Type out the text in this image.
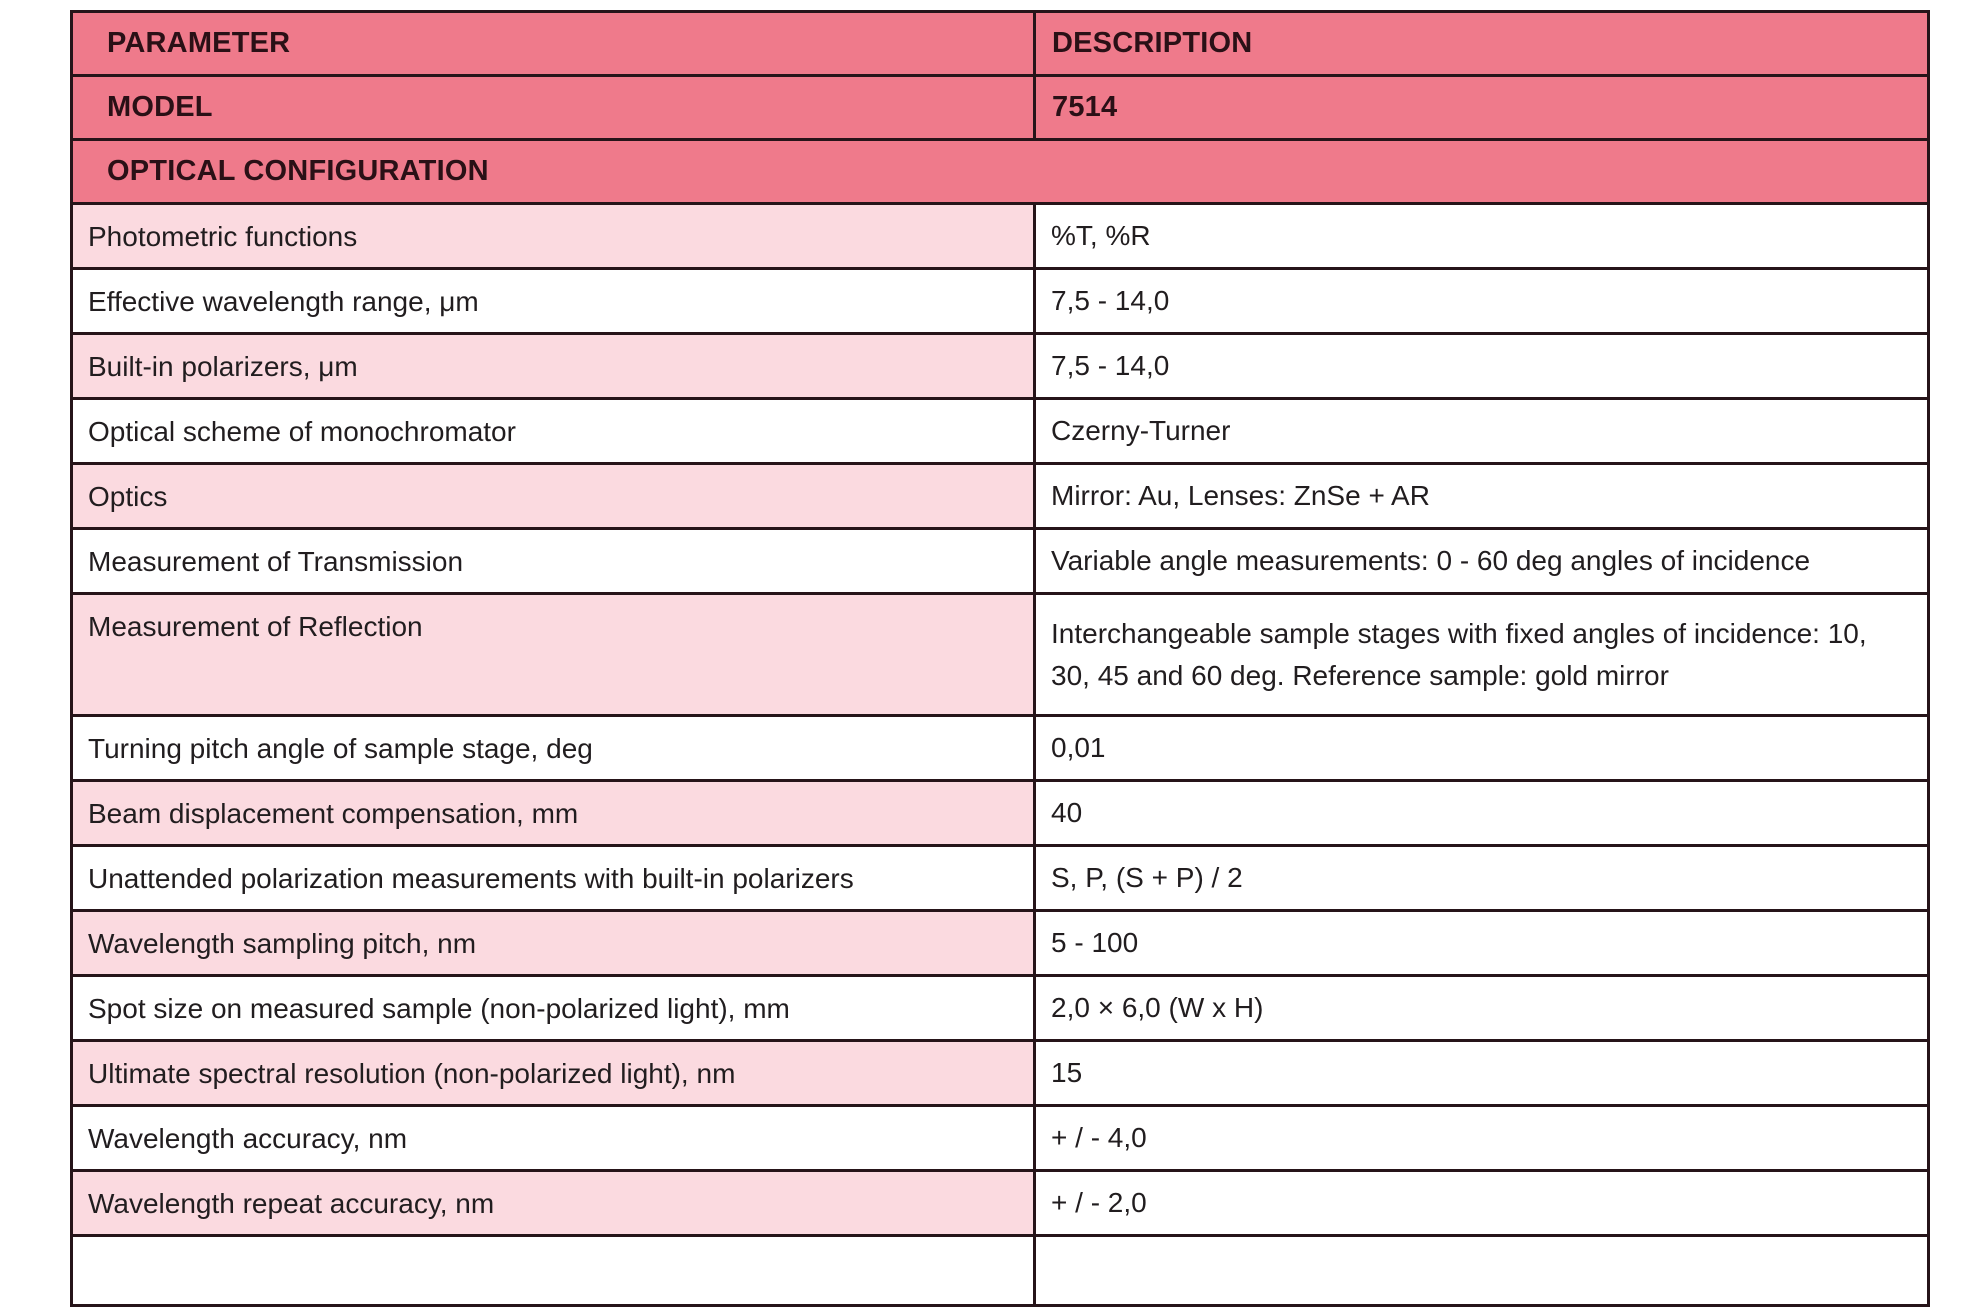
PARAMETER	DESCRIPTION
MODEL	7514
OPTICAL CONFIGURATION	
Photometric functions	%T, %R
Effective wavelength range, μm	7,5 - 14,0
Built-in polarizers, μm	7,5 - 14,0
Optical scheme of monochromator	Czerny-Turner
Optics	Mirror: Au, Lenses: ZnSe + AR
Measurement of Transmission	Variable angle measurements: 0 - 60 deg angles of incidence
Measurement of Reflection	Interchangeable sample stages with fixed angles of incidence: 10, 30, 45 and 60 deg. Reference sample: gold mirror
Turning pitch angle of sample stage, deg	0,01
Beam displacement compensation, mm	40
Unattended polarization measurements with built-in polarizers	S, P, (S + P) / 2
Wavelength sampling pitch, nm	5 - 100
Spot size on measured sample (non-polarized light), mm	2,0 × 6,0 (W x H)
Ultimate spectral resolution (non-polarized light), nm	15
Wavelength accuracy, nm	+ / - 4,0
Wavelength repeat accuracy, nm	+ / - 2,0
